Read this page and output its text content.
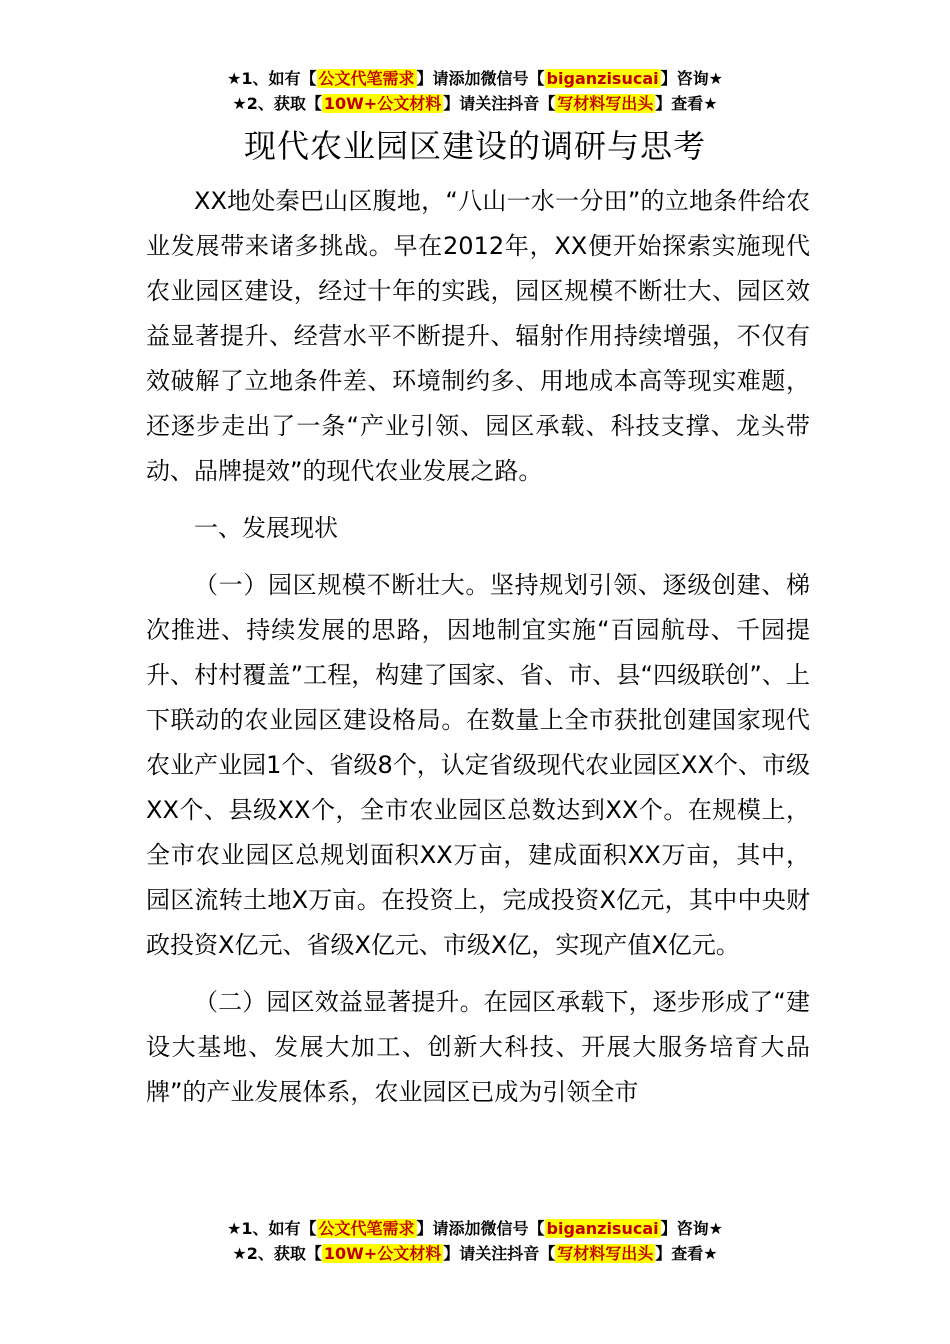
★1、如有【 公文代笔需求 】请添加微信号【 biganzisucai 】咨询★
★2、获取【 10W+公文材料 】请关注抖音【 写材料写出头 】查看★
现代农业园区建设的调研与思考

XX地处秦巴山区腹地，“八山一水一分田”的立地条件给农业发展带来诸多挑战。早在2012年，XX便开始探索实施现代农业园区建设，经过十年的实践，园区规模不断壮大、园区效益显著提升、经营水平不断提升、辐射作用持续增强，不仅有效破解了立地条件差、环境制约多、用地成本高等现实难题，还逐步走出了一条“产业引领、园区承载、科技支撑、龙头带动、品牌提效”的现代农业发展之路。

一、发展现状

（一）园区规模不断壮大。坚持规划引领、逐级创建、梯次推进、持续发展的思路，因地制宜实施“百园航母、千园提升、村村覆盖”工程，构建了国家、省、市、县“四级联创”、上下联动的农业园区建设格局。在数量上全市获批创建国家现代农业产业园1个、省级8个，认定省级现代农业园区XX个、市级XX个、县级XX个，全市农业园区总数达到XX个。在规模上，全市农业园区总规划面积XX万亩，建成面积XX万亩，其中，园区流转土地X万亩。在投资上，完成投资X亿元，其中中央财政投资X亿元、省级X亿元、市级X亿，实现产值X亿元。

（二）园区效益显著提升。在园区承载下，逐步形成了“建设大基地、发展大加工、创新大科技、开展大服务培育大品牌”的产业发展体系，农业园区已成为引领全市

★1、如有【 公文代笔需求 】请添加微信号【 biganzisucai 】咨询★
★2、获取【 10W+公文材料 】请关注抖音【 写材料写出头 】查看★
